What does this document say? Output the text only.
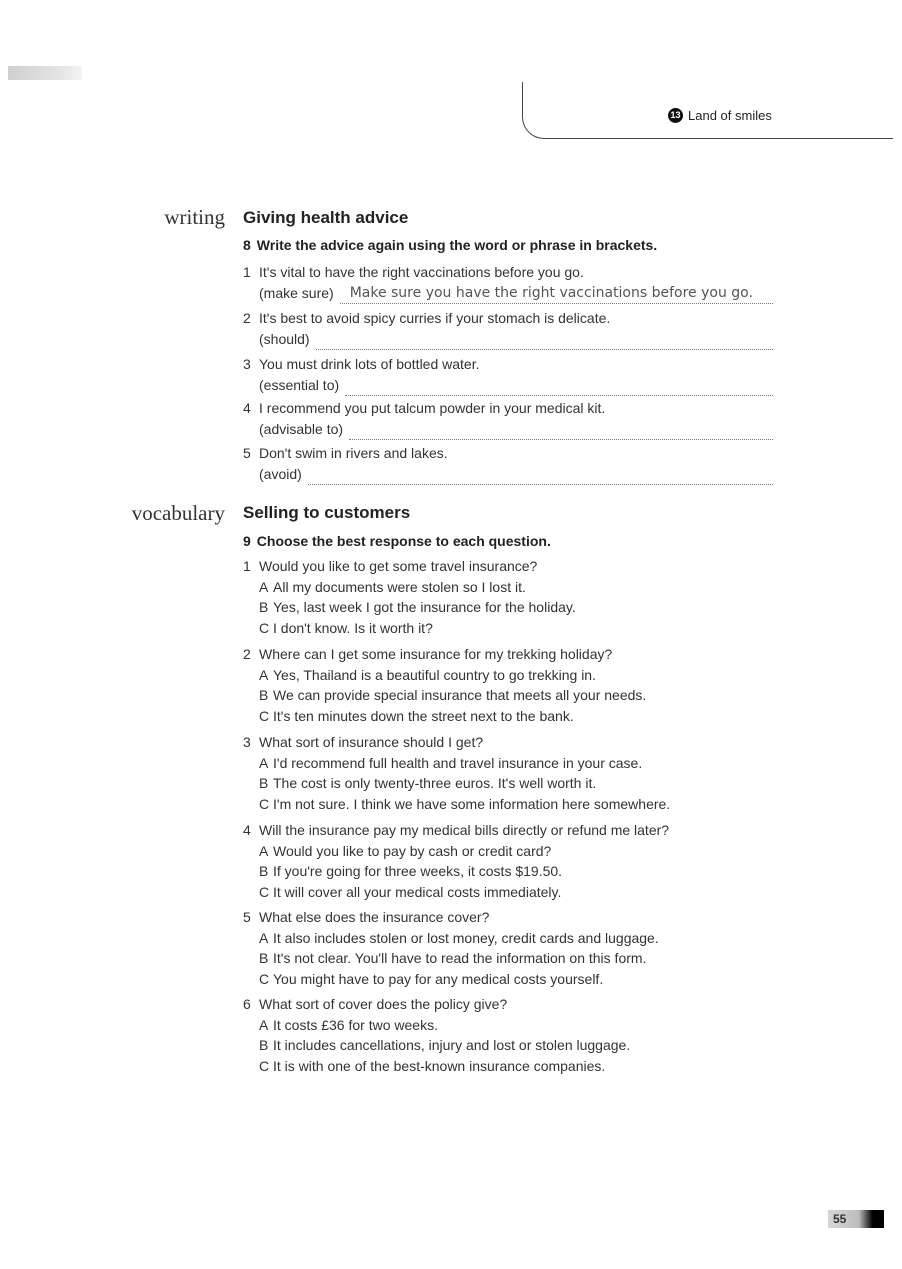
13 Land of smiles
writing Giving health advice
8 Write the advice again using the word or phrase in brackets.
1 It's vital to have the right vaccinations before you go.
(make sure) Make sure you have the right vaccinations before you go.
2 It's best to avoid spicy curries if your stomach is delicate.
(should)
3 You must drink lots of bottled water.
(essential to)
4 I recommend you put talcum powder in your medical kit.
(advisable to)
5 Don't swim in rivers and lakes.
(avoid)
vocabulary Selling to customers
9 Choose the best response to each question.
1 Would you like to get some travel insurance?
A All my documents were stolen so I lost it.
B Yes, last week I got the insurance for the holiday.
C I don't know. Is it worth it?
2 Where can I get some insurance for my trekking holiday?
A Yes, Thailand is a beautiful country to go trekking in.
B We can provide special insurance that meets all your needs.
C It's ten minutes down the street next to the bank.
3 What sort of insurance should I get?
A I'd recommend full health and travel insurance in your case.
B The cost is only twenty-three euros. It's well worth it.
C I'm not sure. I think we have some information here somewhere.
4 Will the insurance pay my medical bills directly or refund me later?
A Would you like to pay by cash or credit card?
B If you're going for three weeks, it costs $19.50.
C It will cover all your medical costs immediately.
5 What else does the insurance cover?
A It also includes stolen or lost money, credit cards and luggage.
B It's not clear. You'll have to read the information on this form.
C You might have to pay for any medical costs yourself.
6 What sort of cover does the policy give?
A It costs £36 for two weeks.
B It includes cancellations, injury and lost or stolen luggage.
C It is with one of the best-known insurance companies.
55
